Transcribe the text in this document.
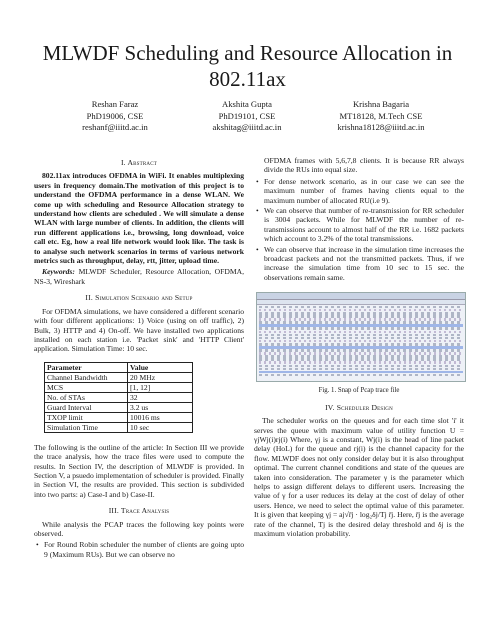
MLWDF Scheduling and Resource Allocation in
802.11ax
Reshan Faraz
PhD19006, CSE
reshanf@iiitd.ac.in
Akshita Gupta
PhD19101, CSE
akshitag@iiitd.ac.in
Krishna Bagaria
MT18128, M.Tech CSE
krishna18128@iiitd.ac.in
I. Abstract

802.11ax introduces OFDMA in WiFi. It enables multiplexing users in frequency domain.The motivation of this project is to understand the OFDMA performance in a dense WLAN. We come up with scheduling and Resource Allocation strategy to understand how clients are scheduled . We will simulate a dense WLAN with large number of clients. In addition, the clients will run different applications i.e., browsing, long download, voice call etc. Eg, how a real life network would look like. The task is to analyse such network scenarios in terms of various network metrics such as throughput, delay, rtt, jitter, upload time.

Keywords: MLWDF Scheduler, Resource Allocation, OFDMA, NS-3, Wireshark

II. Simulation Scenario and Setup

For OFDMA simulations, we have considered a different scenario with four different applications: 1) Voice (using on off traffic), 2) Bulk, 3) HTTP and 4) On-off. We have installed two applications installed on each station i.e. 'Packet sink' and 'HTTP Client' application. Simulation Time: 10 sec.

Parameter	Value
Channel Bandwidth	20 MHz
MCS	[1, 12]
No. of STAs	32
Guard Interval	3.2 us
TXOP limit	10016 ms
Simulation Time	10 sec

The following is the outline of the article: In Section III we provide the trace analysis, how the trace files were used to compute the results. In Section IV, the description of MLWDF is provided. In Section V, a psuedo implementation of scheduler is provided. Finally in Section VI, the results are provided. This section is subdivided into two parts: a) Case-I and b) Case-II.

III. Trace Analysis

While analysis the PCAP traces the following key points were observed.

• For Round Robin scheduler the number of clients are going upto 9 (Maximum RUs). But we can observe no

OFDMA frames with 5,6,7,8 clients. It is because RR always divide the RUs into equal size.

• For dense network scenario, as in our case we can see the maximum number of frames having clients equal to the maximum number of allocated RU(i.e 9).
• We can observe that number of re-transmission for RR scheduler is 3004 packets. While for MLWDF the number of re-transmissions account to almost half of the RR i.e. 1682 packets which account to 3.2% of the total transmissions.
• We can observe that increase in the simulation time increases the broadcast packets and not the transmitted packets. Thus, if we increase the simulation time from 10 sec to 15 sec. the observations remain same.
Fig. 1. Snap of Pcap trace file
IV. Scheduler Design

The scheduler works on the queues and for each time slot 'i' it serves the queue with maximum value of utility function U = γjWj(i)rj(i) Where, γj is a constant, Wj(i) is the head of line packet delay (HoL) for the queue and rj(i) is the channel capacity for the flow. MLWDF does not only consider delay but it is also throughput optimal. The current channel conditions and state of the queues are taken into consideration. The parameter γ is the parameter which helps to assign different delays to different users. Increasing the value of γ for a user reduces its delay at the cost of delay of other users. Hence, we need to select the optimal value of this parameter. It is given that keeping γj = aj√r̄j · log₂δj/Tj r̄j. Here, r̄j is the average rate of the channel, Tj is the desired delay threshold and δj is the maximum violation probability.
